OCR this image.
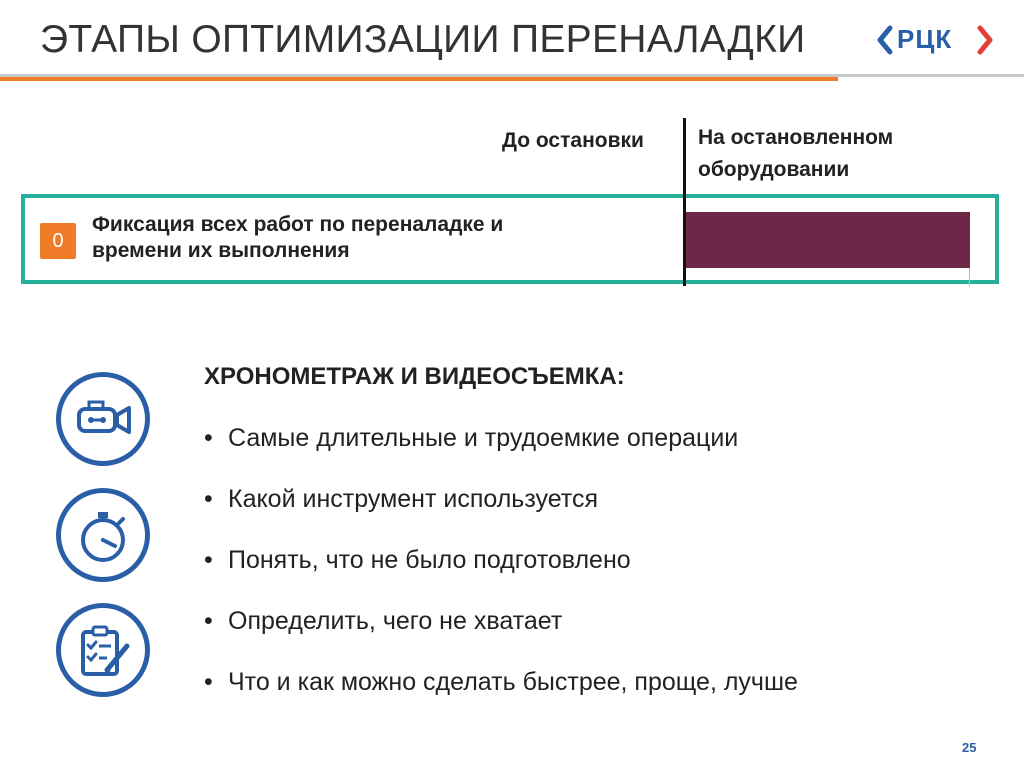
ЭТАПЫ ОПТИМИЗАЦИИ ПЕРЕНАЛАДКИ	РЦК
До остановки	На остановленном
оборудовании
0
Фиксация всех работ по переналадке и
времени их выполнения
ХРОНОМЕТРАЖ И ВИДЕОСЪЕМКА:
• Самые длительные и трудоемкие операции
• Какой инструмент используется
• Понять, что не было подготовлено
• Определить, чего не хватает
• Что и как можно сделать быстрее, проще, лучше
25
